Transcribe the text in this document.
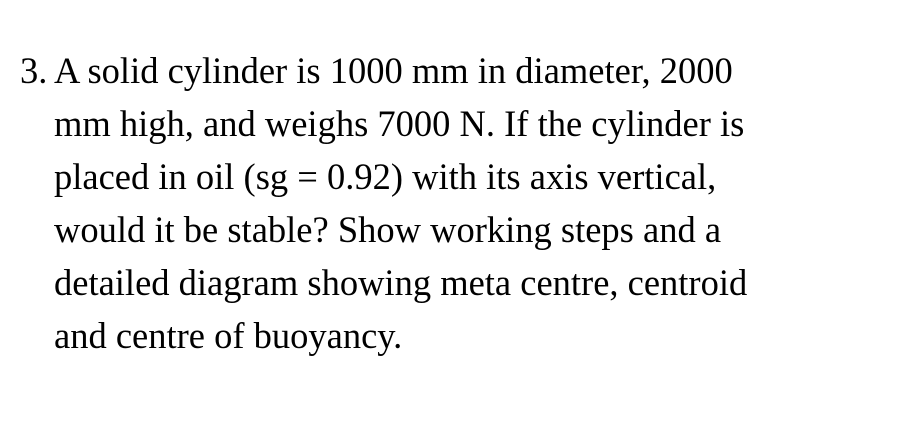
3. A solid cylinder is 1000 mm in diameter, 2000
mm high, and weighs 7000 N. If the cylinder is
placed in oil (sg = 0.92) with its axis vertical,
would it be stable? Show working steps and a
detailed diagram showing meta centre, centroid
and centre of buoyancy.
